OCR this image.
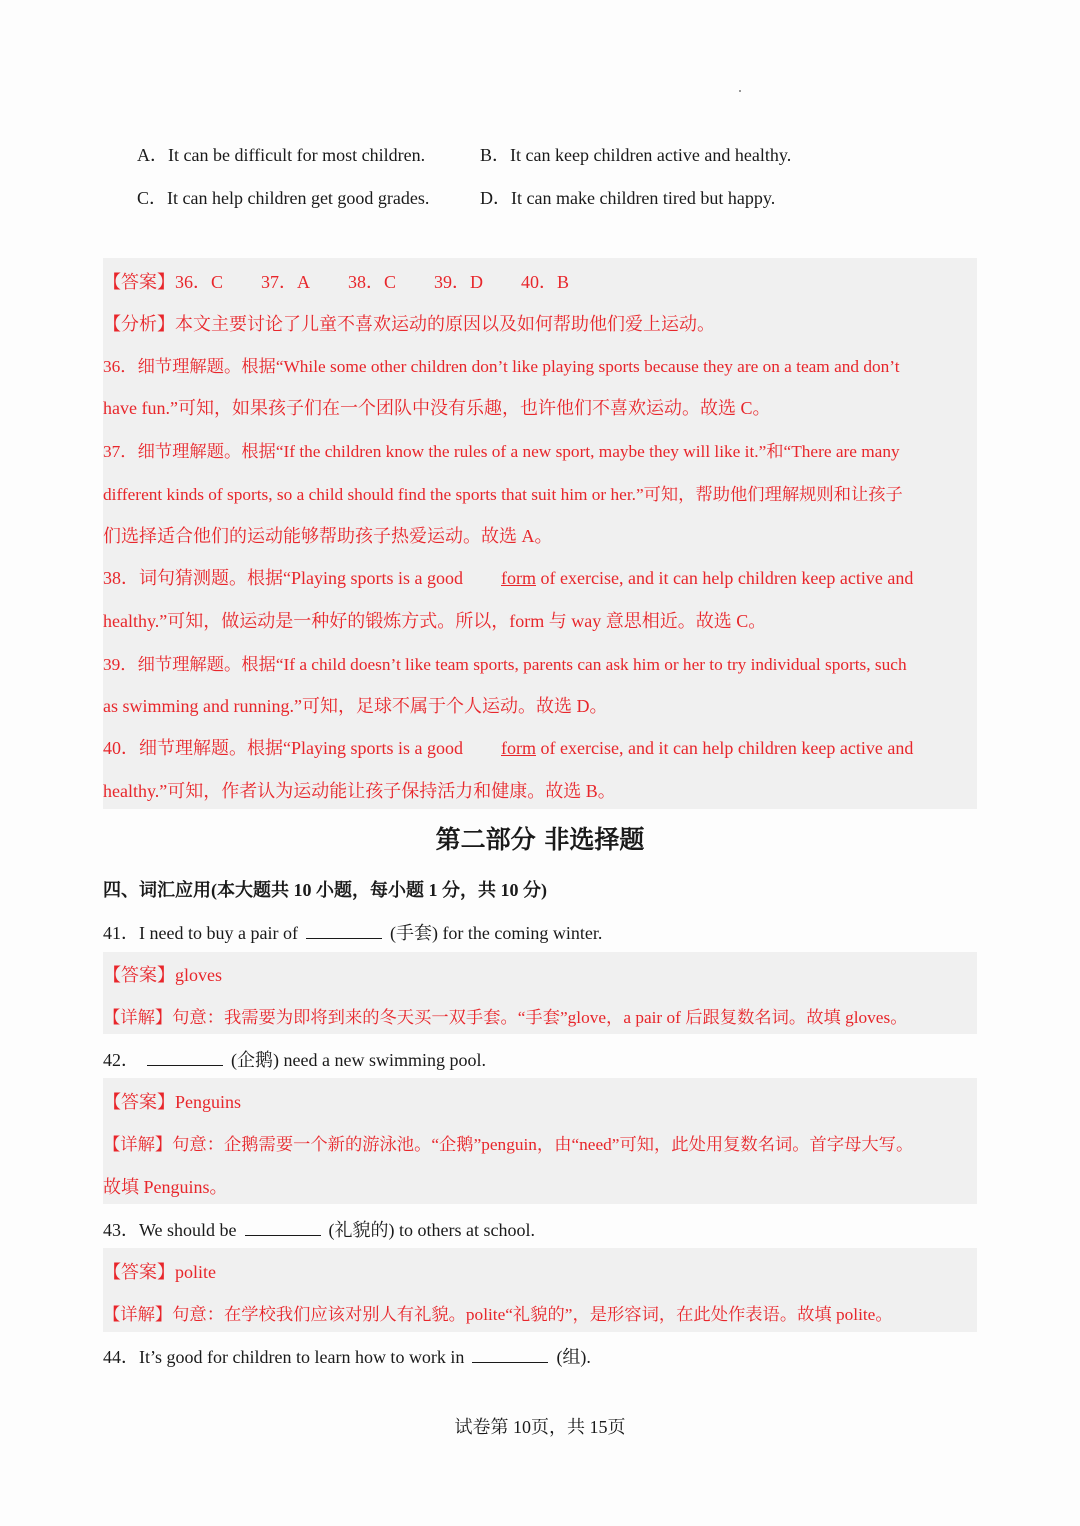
A．It can be difficult for most children.	B．It can keep children active and healthy.
C．It can help children get good grades.	D．It can make children tired but happy.
【答案】36．C 37．A 38．C 39．D 40．B
【分析】本文主要讨论了儿童不喜欢运动的原因以及如何帮助他们爱上运动。
36．细节理解题。根据“While some other children don’t like playing sports because they are on a team and don’t
have fun.”可知，如果孩子们在一个团队中没有乐趣，也许他们不喜欢运动。故选 C。
37．细节理解题。根据“If the children know the rules of a new sport, maybe they will like it.”和“There are many
different kinds of sports, so a child should find the sports that suit him or her.”可知，帮助他们理解规则和让孩子
们选择适合他们的运动能够帮助孩子热爱运动。故选 A。
38．词句猜测题。根据“Playing sports is a good form of exercise, and it can help children keep active and
healthy.”可知，做运动是一种好的锻炼方式。所以，form 与 way 意思相近。故选 C。
39．细节理解题。根据“If a child doesn’t like team sports, parents can ask him or her to try individual sports, such
as swimming and running.”可知，足球不属于个人运动。故选 D。
40．细节理解题。根据“Playing sports is a good form of exercise, and it can help children keep active and
healthy.”可知，作者认为运动能让孩子保持活力和健康。故选 B。
第二部分 非选择题
四、词汇应用(本大题共 10 小题，每小题 1 分，共 10 分)
41．I need to buy a pair of	(手套) for the coming winter.
【答案】gloves
【详解】句意：我需要为即将到来的冬天买一双手套。“手套”glove，a pair of 后跟复数名词。故填 gloves。
42．	(企鹅) need a new swimming pool.
【答案】Penguins
【详解】句意：企鹅需要一个新的游泳池。“企鹅”penguin，由“need”可知，此处用复数名词。首字母大写。
故填 Penguins。
43．We should be	(礼貌的) to others at school.
【答案】polite
【详解】句意：在学校我们应该对别人有礼貌。polite“礼貌的”，是形容词，在此处作表语。故填 polite。
44．It’s good for children to learn how to work in	(组).
试卷第 10页，共 15页
